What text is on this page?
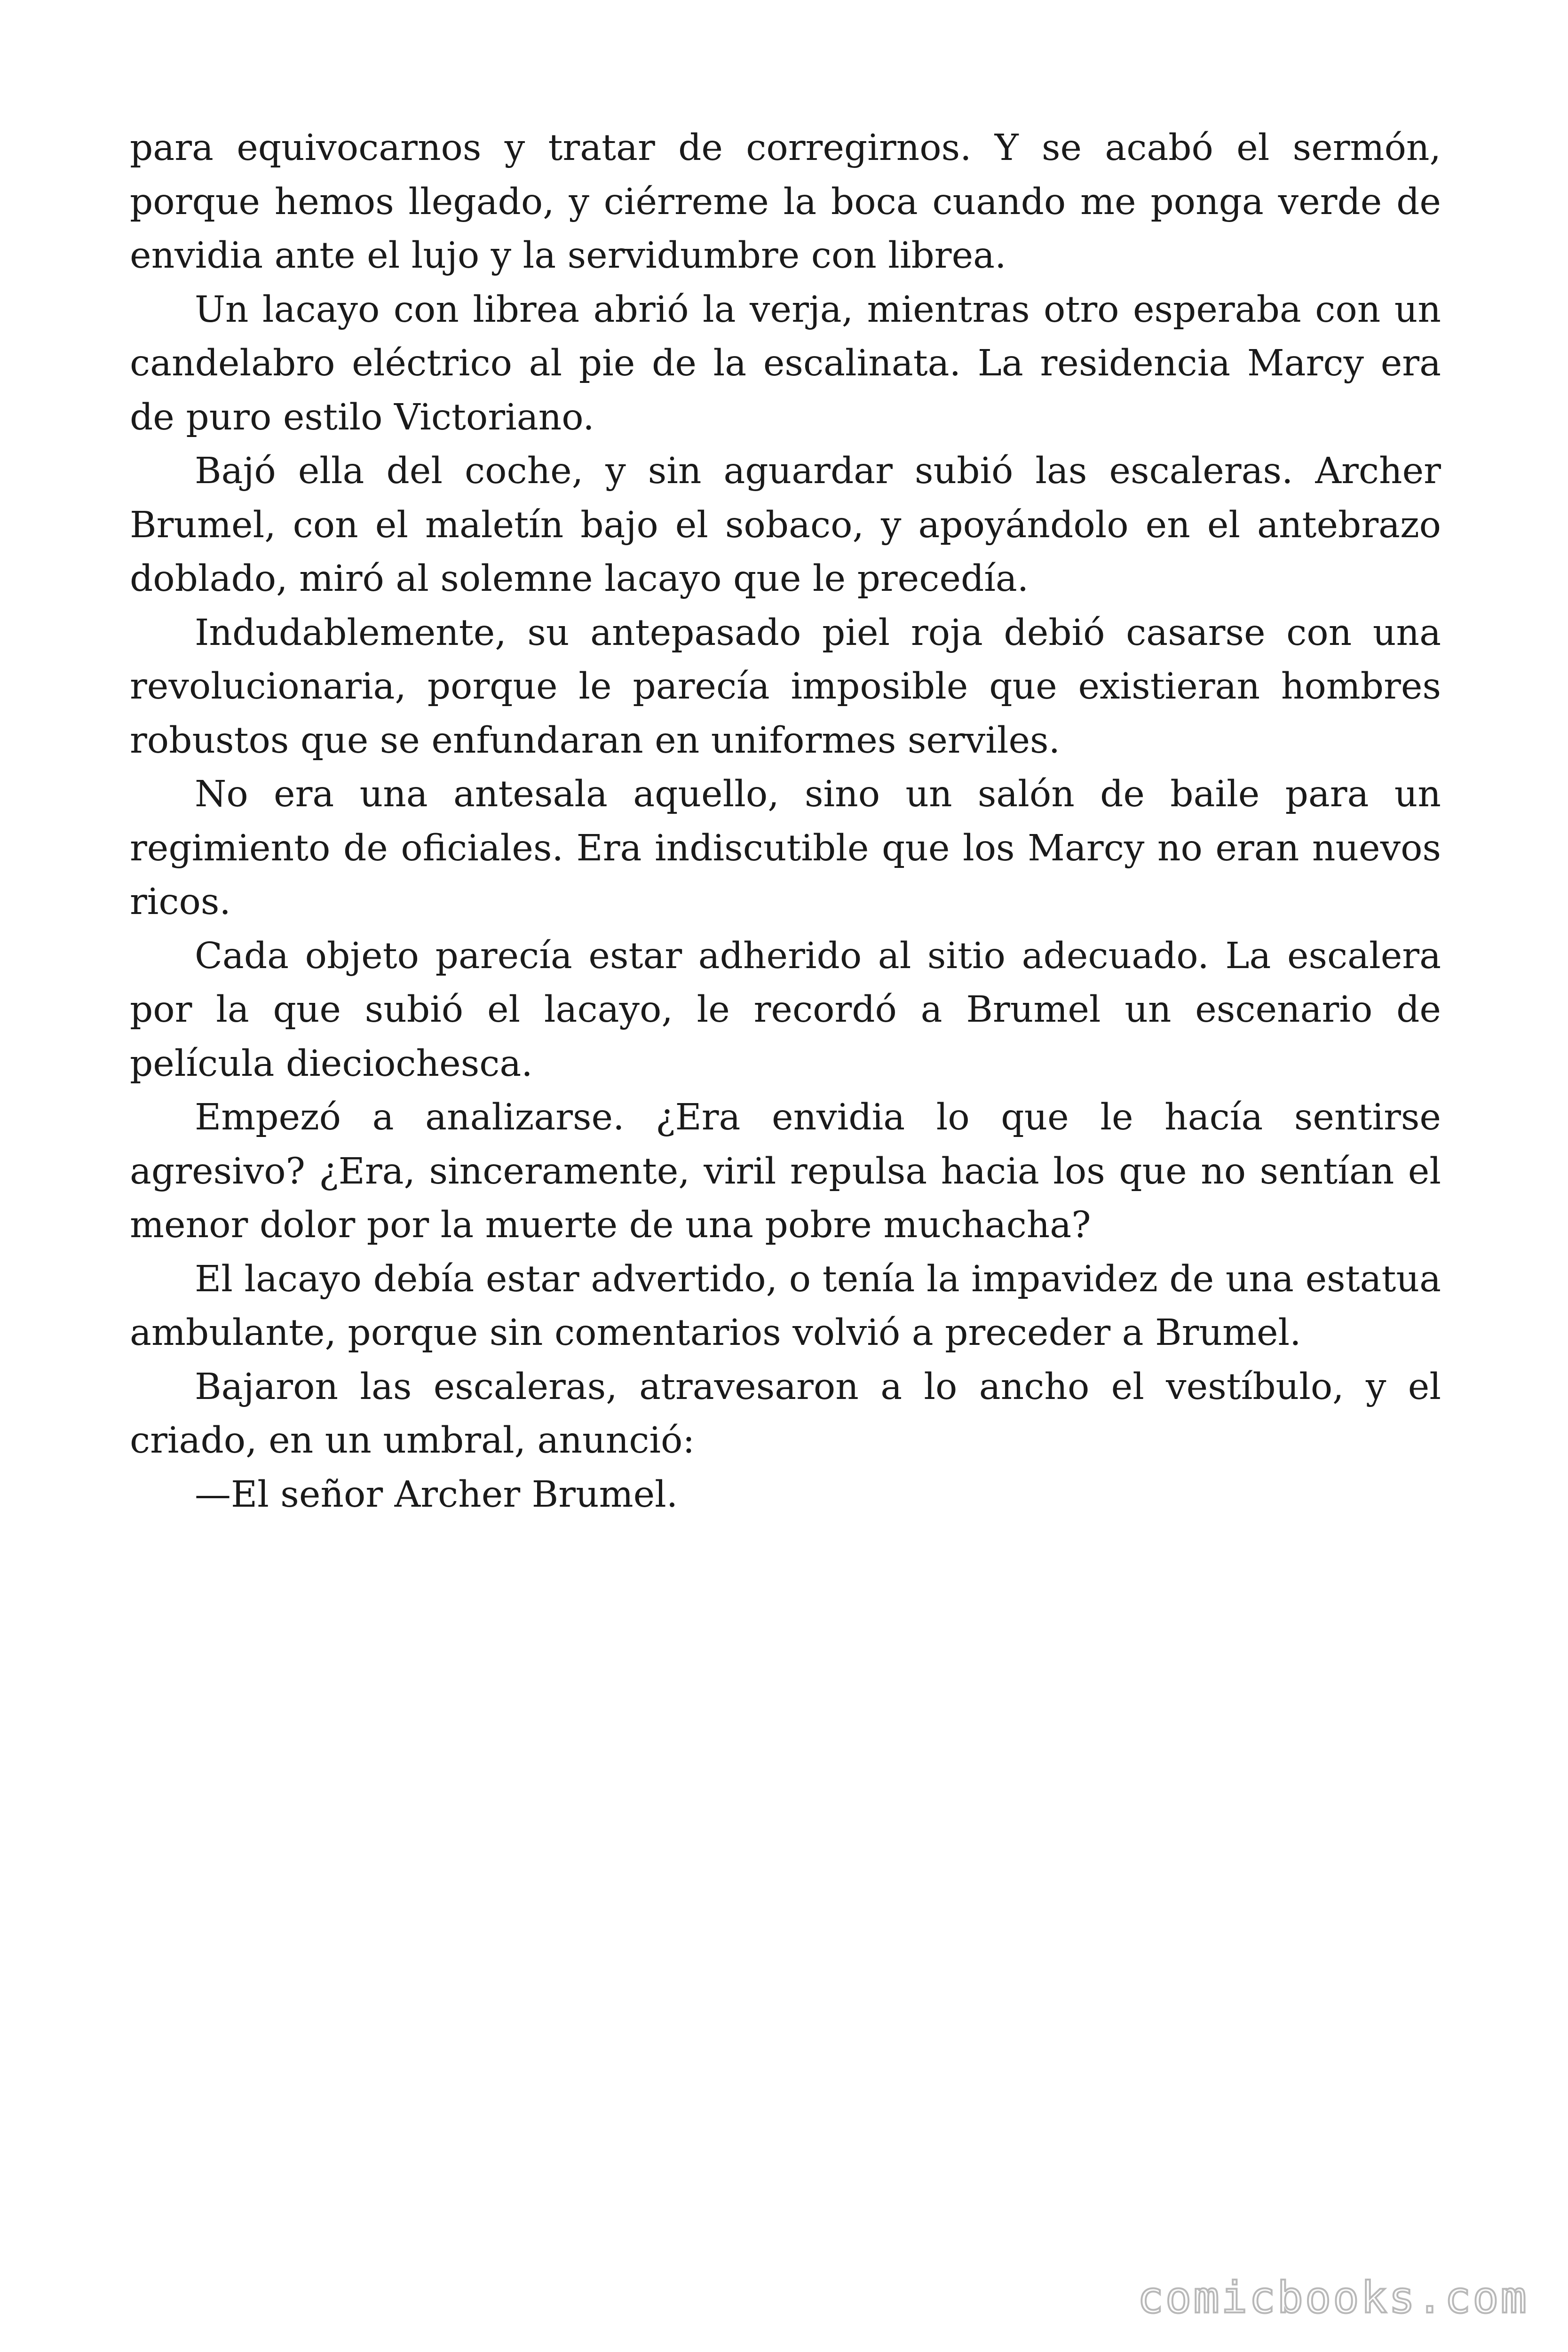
para equivocarnos y tratar de corregirnos. Y se acabó el sermón, porque hemos llegado, y ciérreme la boca cuando me ponga verde de envidia ante el lujo y la servidumbre con librea.

Un lacayo con librea abrió la verja, mientras otro esperaba con un candelabro eléctrico al pie de la escalinata. La residencia Marcy era de puro estilo Victoriano.

Bajó ella del coche, y sin aguardar subió las escaleras. Archer Brumel, con el maletín bajo el sobaco, y apoyándolo en el antebrazo doblado, miró al solemne lacayo que le precedía.

Indudablemente, su antepasado piel roja debió casarse con una revolucionaria, porque le parecía imposible que existieran hombres robustos que se enfundaran en uniformes serviles.

No era una antesala aquello, sino un salón de baile para un regimiento de oficiales. Era indiscutible que los Marcy no eran nuevos ricos.

Cada objeto parecía estar adherido al sitio adecuado. La escalera por la que subió el lacayo, le recordó a Brumel un escenario de película dieciochesca.

Empezó a analizarse. ¿Era envidia lo que le hacía sentirse agresivo? ¿Era, sinceramente, viril repulsa hacia los que no sentían el menor dolor por la muerte de una pobre muchacha?

El lacayo debía estar advertido, o tenía la impavidez de una estatua ambulante, porque sin comentarios volvió a preceder a Brumel.

Bajaron las escaleras, atravesaron a lo ancho el vestíbulo, y el criado, en un umbral, anunció:

—El señor Archer Brumel.

comicbooks.com
